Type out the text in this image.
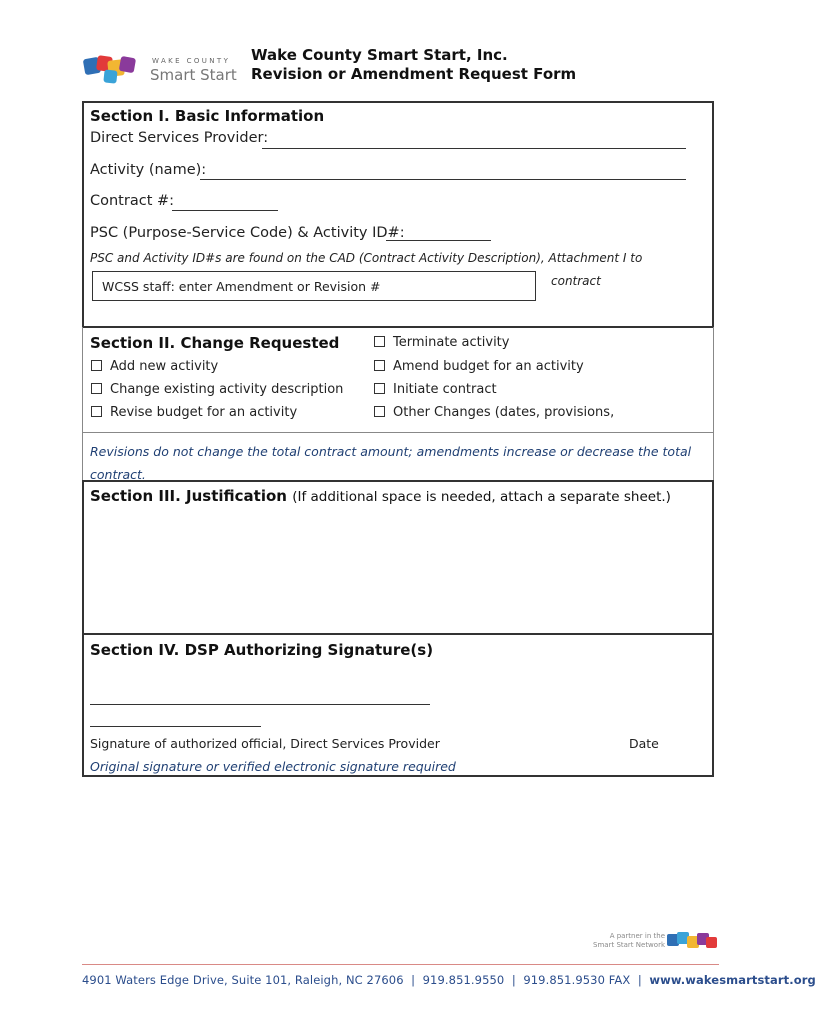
WAKE COUNTY
Smart Start
Wake County Smart Start, Inc.
Revision or Amendment Request Form
Section I. Basic Information
Direct Services Provider:
Activity (name):
Contract #:
PSC (Purpose-Service Code) & Activity ID#:
PSC and Activity ID#s are found on the CAD (Contract Activity Description), Attachment I to
WCSS staff: enter Amendment or Revision #	contract
Section II. Change Requested	Terminate activity
Add new activity	Amend budget for an activity
Change existing activity description	Initiate contract
Revise budget for an activity	Other Changes (dates, provisions,
Revisions do not change the total contract amount; amendments increase or decrease the total contract.
Section III. Justification (If additional space is needed, attach a separate sheet.)
Section IV. DSP Authorizing Signature(s)
Signature of authorized official, Direct Services Provider	Date
Original signature or verified electronic signature required
A partner in the
Smart Start Network
4901 Waters Edge Drive, Suite 101, Raleigh, NC 27606  |  919.851.9550  |  919.851.9530 FAX  |  www.wakesmartstart.org
